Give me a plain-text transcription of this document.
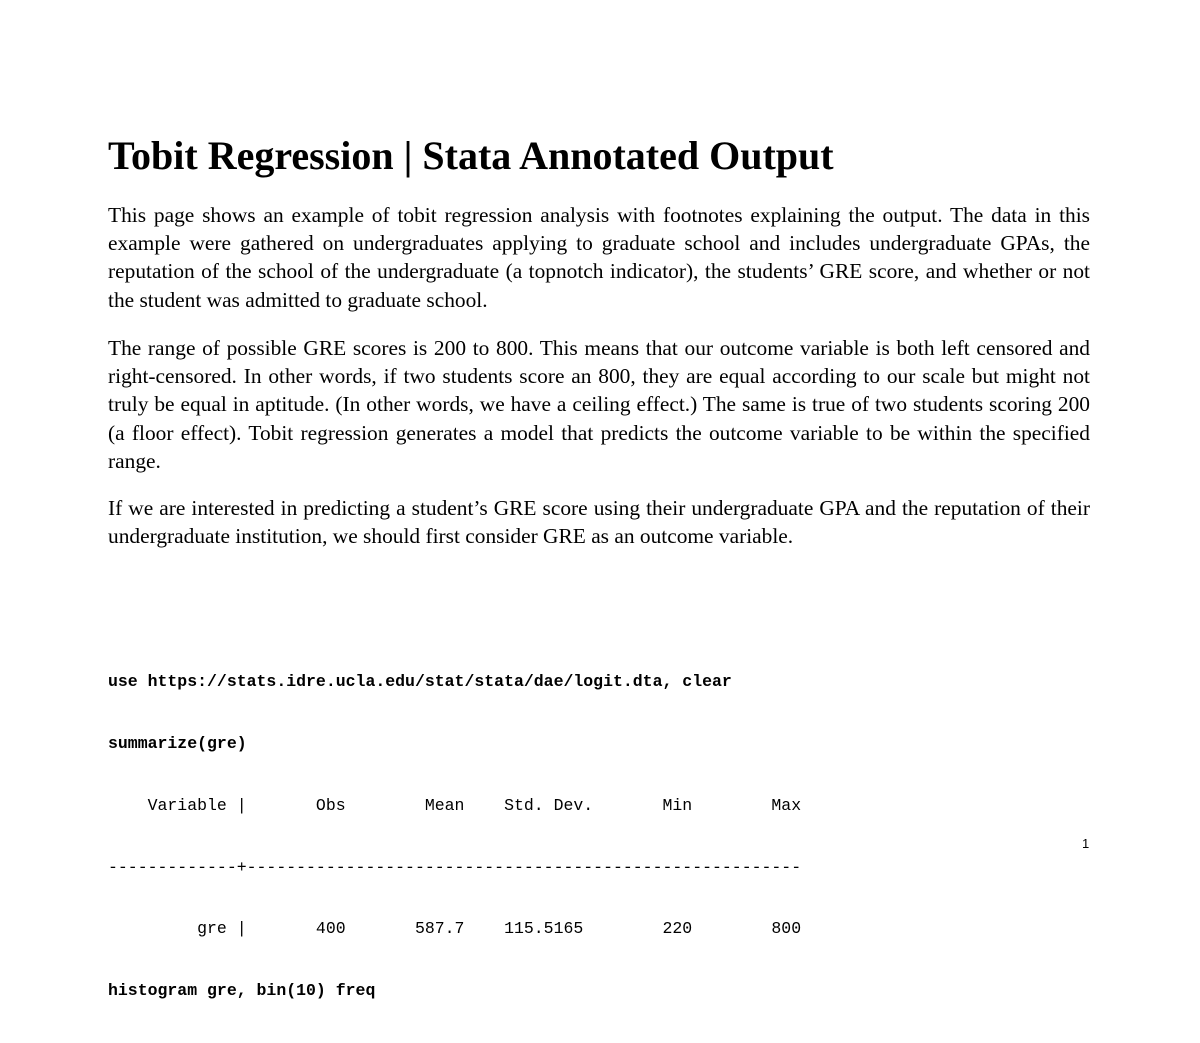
Tobit Regression | Stata Annotated Output

This page shows an example of tobit regression analysis with footnotes explaining the output. The data in this example were gathered on undergraduates applying to graduate school and includes undergraduate GPAs, the reputation of the school of the undergraduate (a topnotch indicator), the students’ GRE score, and whether or not the student was admitted to graduate school.

The range of possible GRE scores is 200 to 800. This means that our outcome variable is both left censored and right-censored. In other words, if two students score an 800, they are equal according to our scale but might not truly be equal in aptitude. (In other words, we have a ceiling effect.) The same is true of two students scoring 200 (a floor effect). Tobit regression generates a model that predicts the outcome variable to be within the specified range.

If we are interested in predicting a student’s GRE score using their undergraduate GPA and the reputation of their undergraduate institution, we should first consider GRE as an outcome variable.

use https://stats.idre.ucla.edu/stat/stata/dae/logit.dta, clear

summarize(gre)

Variable |       Obs        Mean    Std. Dev.       Min        Max

-------------+--------------------------------------------------------

gre |       400       587.7    115.5165        220        800

histogram gre, bin(10) freq

1
